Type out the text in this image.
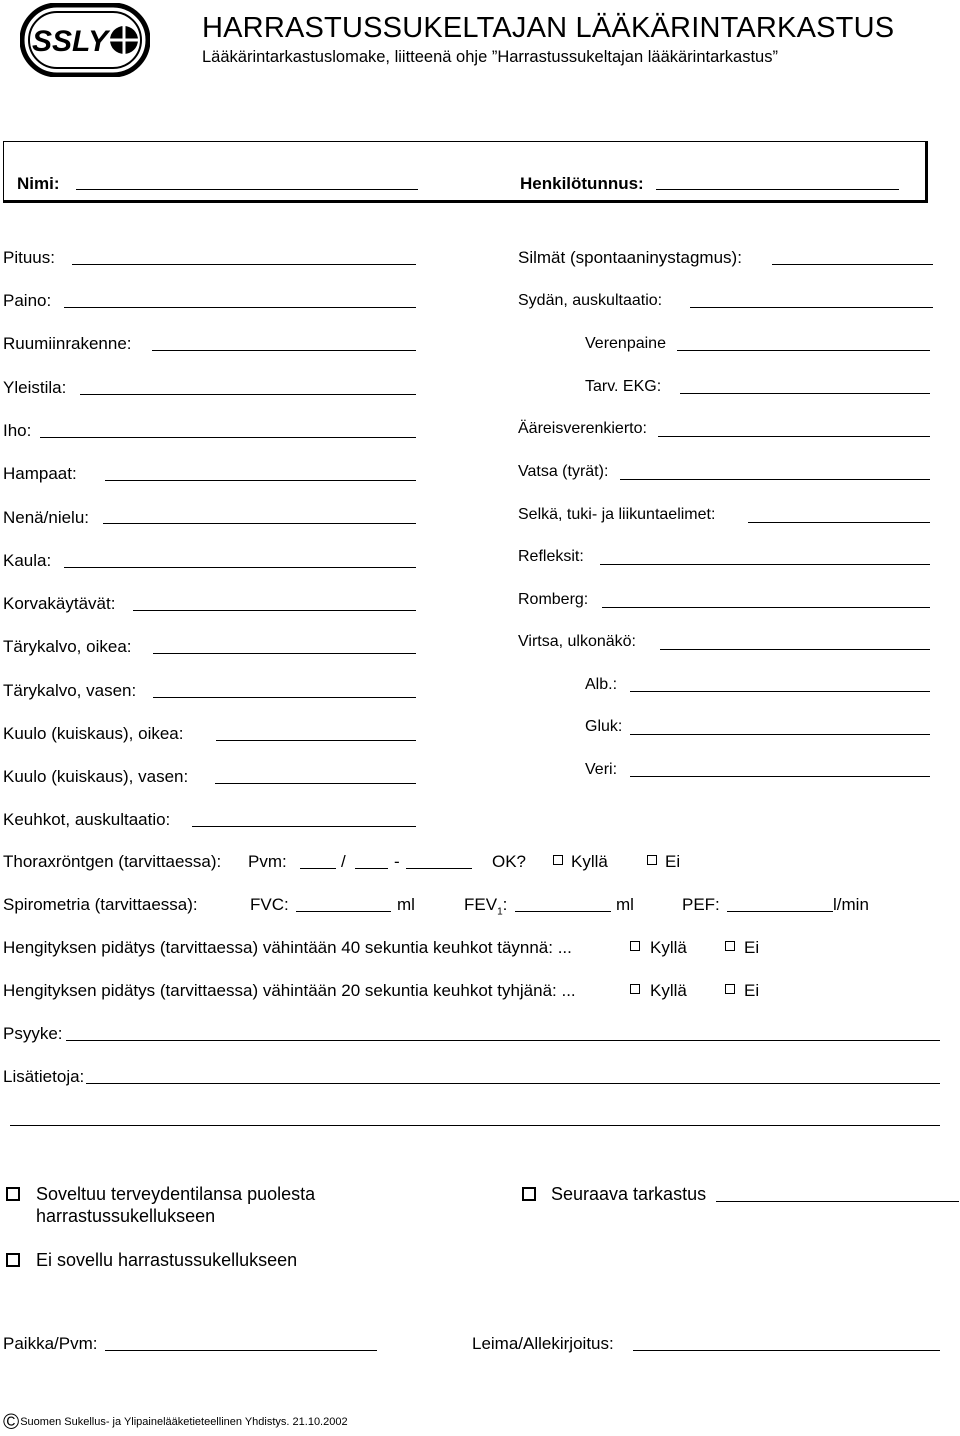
SSLY	HARRASTUSSUKELTAJAN LÄÄKÄRINTARKASTUS
Lääkärintarkastuslomake, liitteenä ohje ”Harrastussukeltajan lääkärintarkastus”
Nimi:	Henkilötunnus:
Pituus:
Paino:
Ruumiinrakenne:
Yleistila:
Iho:
Hampaat:
Nenä/nielu:
Kaula:
Korvakäytävät:
Tärykalvo, oikea:
Tärykalvo, vasen:
Kuulo (kuiskaus), oikea:
Kuulo (kuiskaus), vasen:
Keuhkot, auskultaatio:
Silmät (spontaaninystagmus):
Sydän, auskultaatio:
Verenpaine
Tarv. EKG:
Ääreisverenkierto:
Vatsa (tyrät):
Selkä, tuki- ja liikuntaelimet:
Refleksit:
Romberg:
Virtsa, ulkonäkö:
Alb.:
Gluk:
Veri:
Thoraxröntgen (tarvittaessa): Pvm:	/	-	OK?	Kyllä	Ei
Spirometria (tarvittaessa):	FVC:	ml	$FEV_1$:	ml	PEF:	l/min
Hengityksen pidätys (tarvittaessa) vähintään 40 sekuntia keuhkot täynnä: ...	Kyllä	Ei
Hengityksen pidätys (tarvittaessa) vähintään 20 sekuntia keuhkot tyhjänä: ...	Kyllä	Ei
Psyyke:
Lisätietoja:
Soveltuu terveydentilansa puolesta
harrastussukellukseen
Seuraava tarkastus
Ei sovellu harrastussukellukseen
Paikka/Pvm:	Leima/Allekirjoitus:
© Suomen Sukellus- ja Ylipainelääketieteellinen Yhdistys. 21.10.2002
